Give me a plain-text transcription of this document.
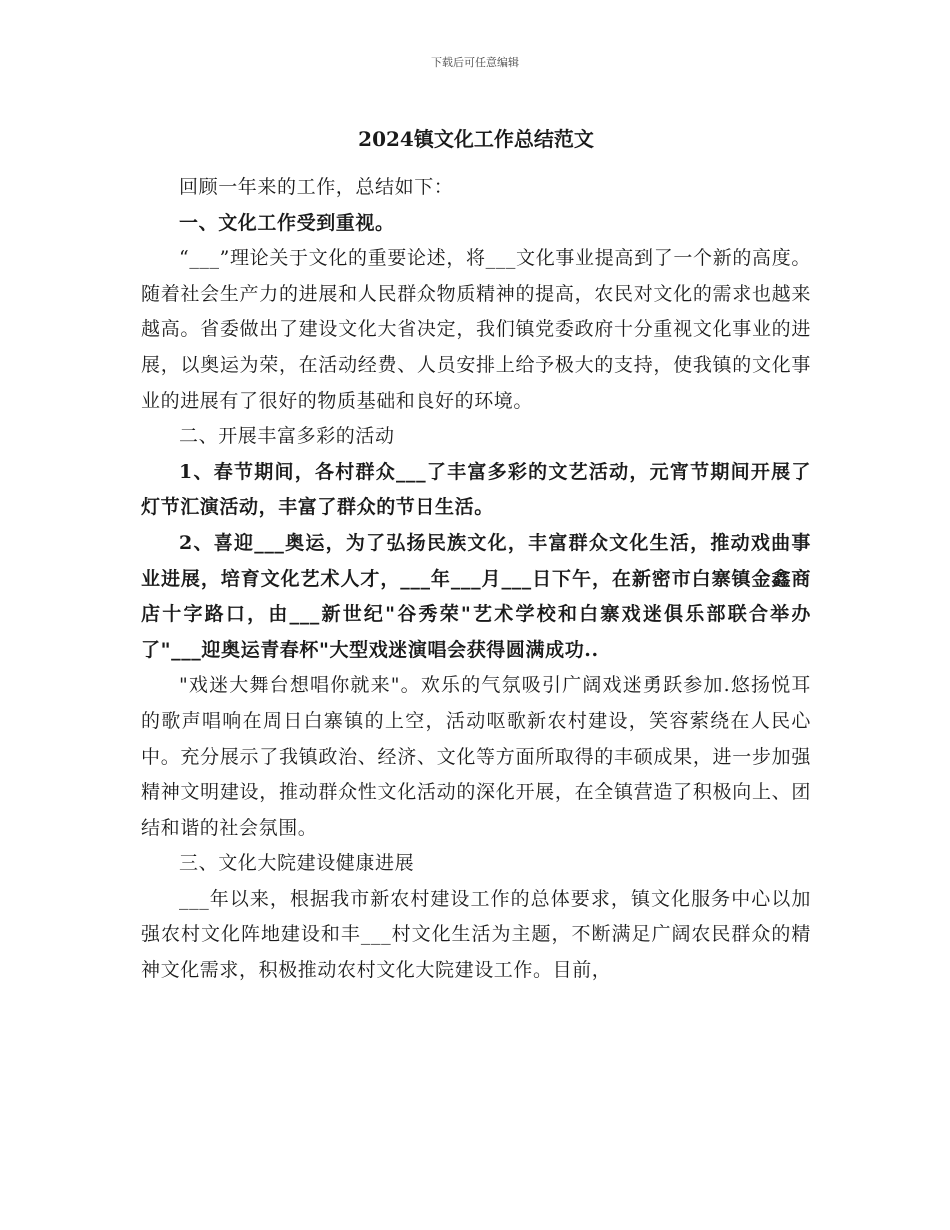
下载后可任意编辑
2024镇文化工作总结范文

回顾一年来的工作，总结如下：

一、文化工作受到重视。

“___”理论关于文化的重要论述，将___文化事业提高到了一个新的高度。随着社会生产力的进展和人民群众物质精神的提高，农民对文化的需求也越来越高。省委做出了建设文化大省决定，我们镇党委政府十分重视文化事业的进展，以奥运为荣，在活动经费、人员安排上给予极大的支持，使我镇的文化事业的进展有了很好的物质基础和良好的环境。

二、开展丰富多彩的活动

1、春节期间，各村群众___了丰富多彩的文艺活动，元宵节期间开展了灯节汇演活动，丰富了群众的节日生活。

2、喜迎___奥运，为了弘扬民族文化，丰富群众文化生活，推动戏曲事业进展，培育文化艺术人才，___年___月___日下午，在新密市白寨镇金鑫商店十字路口，由___新世纪"谷秀荣"艺术学校和白寨戏迷俱乐部联合举办了"___迎奥运青春杯"大型戏迷演唱会获得圆满成功..

"戏迷大舞台想唱你就来"。欢乐的气氛吸引广阔戏迷勇跃参加.悠扬悦耳的歌声唱响在周日白寨镇的上空，活动呕歌新农村建设，笑容萦绕在人民心中。充分展示了我镇政治、经济、文化等方面所取得的丰硕成果，进一步加强精神文明建设，推动群众性文化活动的深化开展，在全镇营造了积极向上、团结和谐的社会氛围。

三、文化大院建设健康进展

___年以来，根据我市新农村建设工作的总体要求，镇文化服务中心以加强农村文化阵地建设和丰___村文化生活为主题，不断满足广阔农民群众的精神文化需求，积极推动农村文化大院建设工作。目前，
